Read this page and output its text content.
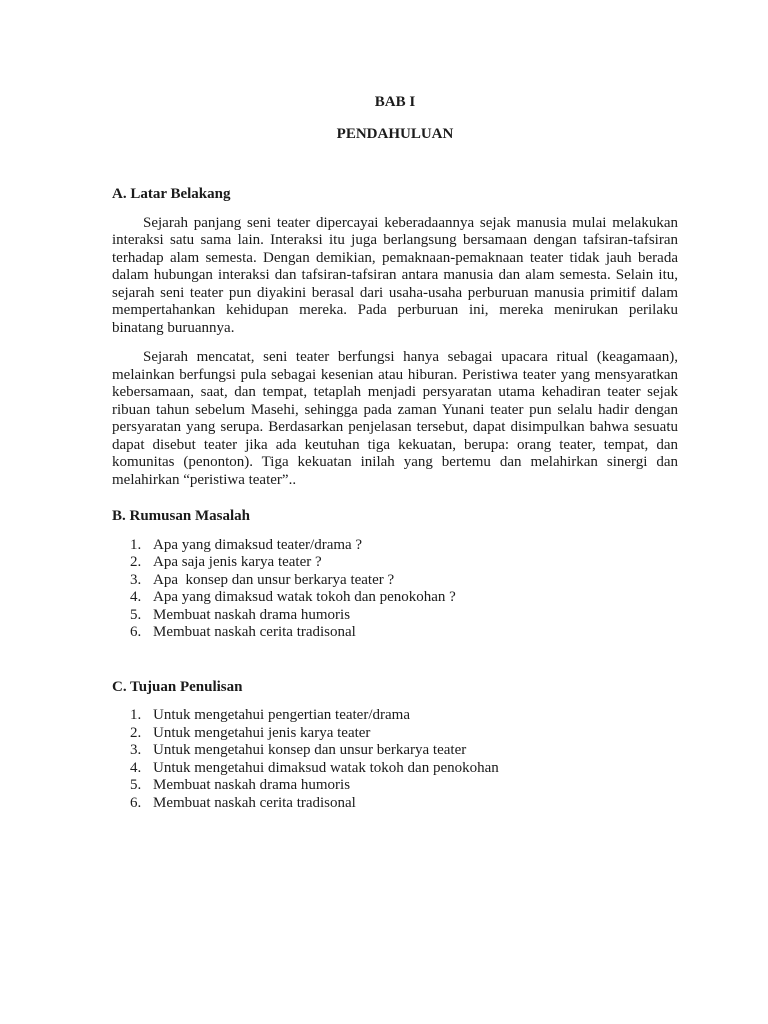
BAB I
PENDAHULUAN
A. Latar Belakang

Sejarah panjang seni teater dipercayai keberadaannya sejak manusia mulai melakukan interaksi satu sama lain. Interaksi itu juga berlangsung bersamaan dengan tafsiran-tafsiran terhadap alam semesta. Dengan demikian, pemaknaan-pemaknaan teater tidak jauh berada dalam hubungan interaksi dan tafsiran-tafsiran antara manusia dan alam semesta. Selain itu, sejarah seni teater pun diyakini berasal dari usaha-usaha perburuan manusia primitif dalam mempertahankan kehidupan mereka. Pada perburuan ini, mereka menirukan perilaku binatang buruannya.

Sejarah mencatat, seni teater berfungsi hanya sebagai upacara ritual (keagamaan), melainkan berfungsi pula sebagai kesenian atau hiburan. Peristiwa teater yang mensyaratkan kebersamaan, saat, dan tempat, tetaplah menjadi persyaratan utama kehadiran teater sejak ribuan tahun sebelum Masehi, sehingga pada zaman Yunani teater pun selalu hadir dengan persyaratan yang serupa. Berdasarkan penjelasan tersebut, dapat disimpulkan bahwa sesuatu dapat disebut teater jika ada keutuhan tiga kekuatan, berupa: orang teater, tempat, dan komunitas (penonton). Tiga kekuatan inilah yang bertemu dan melahirkan sinergi dan melahirkan “peristiwa teater”..

B. Rumusan Masalah
1. Apa yang dimaksud teater/drama ?
2. Apa saja jenis karya teater ?
3. Apa  konsep dan unsur berkarya teater ?
4. Apa yang dimaksud watak tokoh dan penokohan ?
5. Membuat naskah drama humoris
6. Membuat naskah cerita tradisonal
C. Tujuan Penulisan
1. Untuk mengetahui pengertian teater/drama
2. Untuk mengetahui jenis karya teater
3. Untuk mengetahui konsep dan unsur berkarya teater
4. Untuk mengetahui dimaksud watak tokoh dan penokohan
5. Membuat naskah drama humoris
6. Membuat naskah cerita tradisonal
